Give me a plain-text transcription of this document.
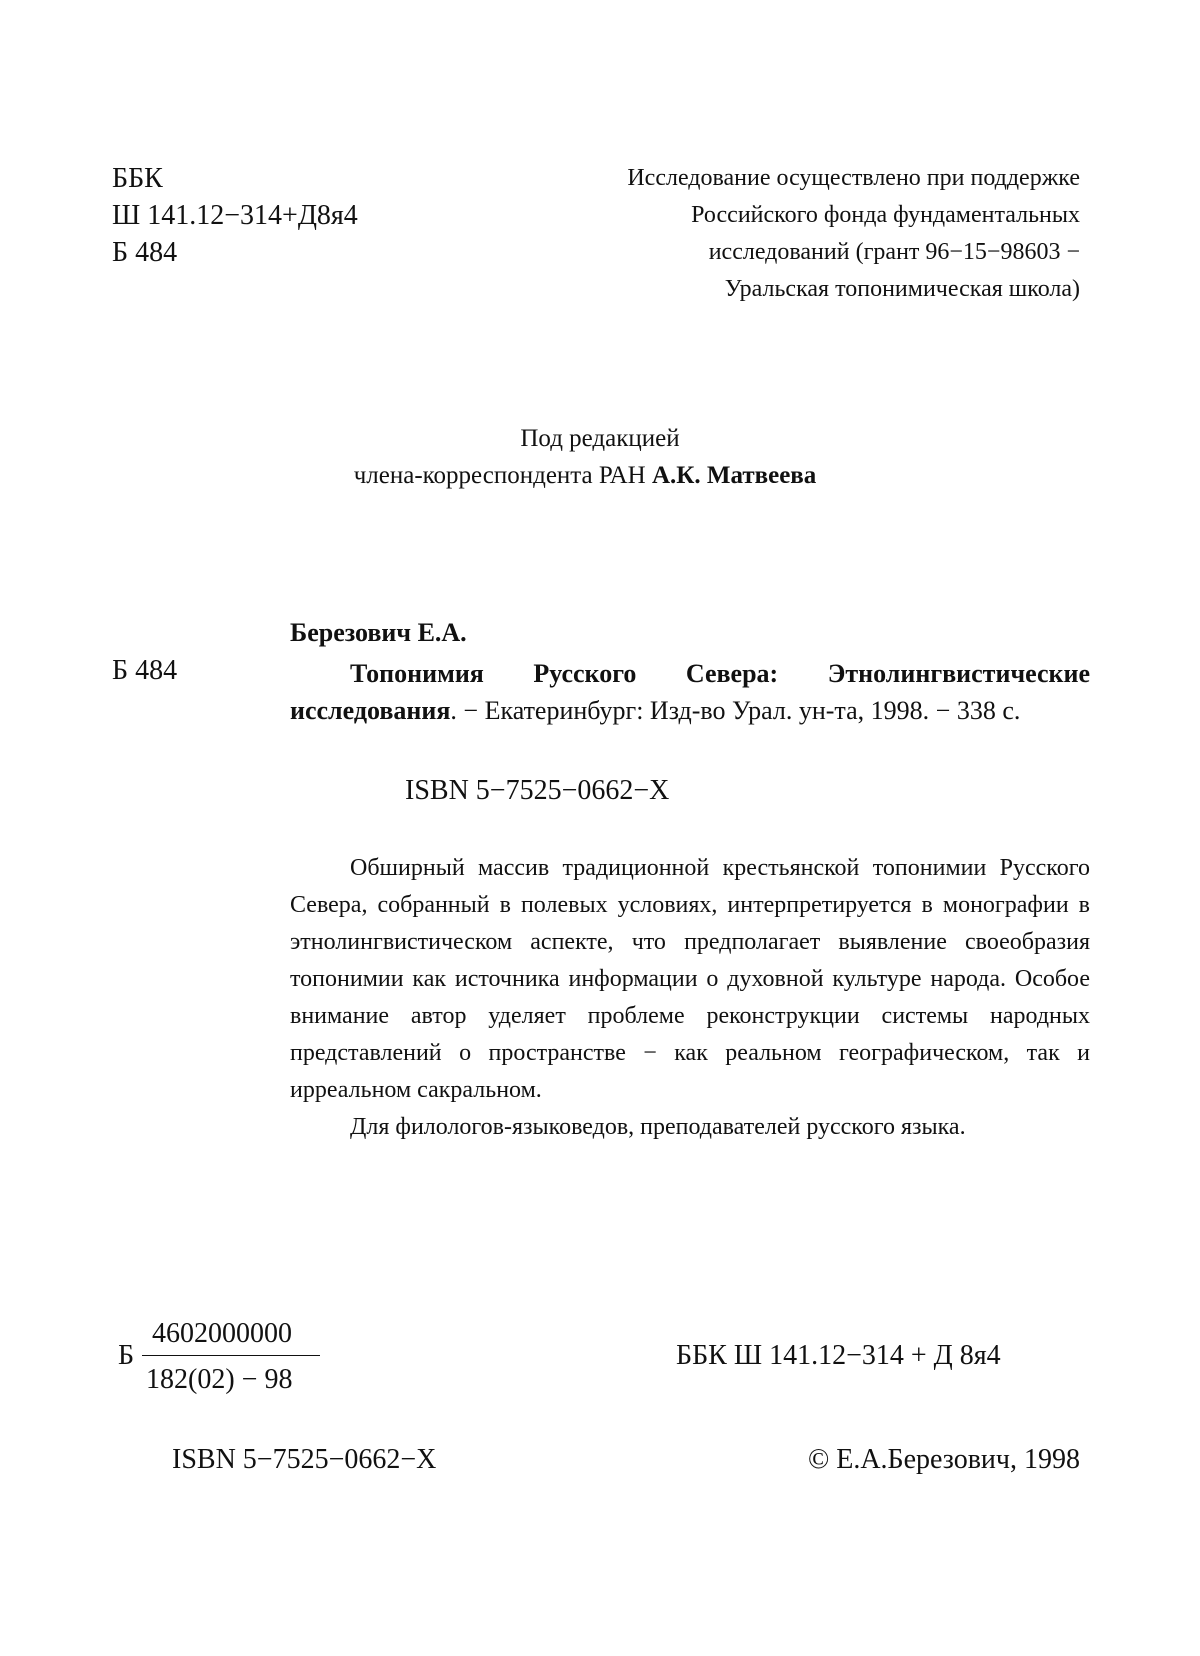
ББК
Ш 141.12−314+Д8я4
Б 484
Исследование осуществлено при поддержке
Российского фонда фундаментальных
исследований (грант 96−15−98603 −
Уральская топонимическая школа)
Под редакцией
члена-корреспондента РАН А.К. Матвеева
Березович Е.А.
Б 484	Топонимия Русского Севера: Этнолингвистические исследования. − Екатеринбург: Изд-во Урал. ун-та, 1998. − 338 с.
ISBN 5−7525−0662−X

Обширный массив традиционной крестьянской топонимии Русского Севера, собранный в полевых условиях, интерпретируется в монографии в этнолингвистическом аспекте, что предполагает выявление своеобразия топонимии как источника информации о духовной культуре народа. Особое внимание автор уделяет проблеме реконструкции системы народных представлений о пространстве − как реальном географическом, так и ирреальном сакральном.

Для филологов-языковедов, преподавателей русского языка.

Б
4602000000
182(02) − 98
ББК Ш 141.12−314 + Д 8я4
ISBN 5−7525−0662−X	© Е.А.Березович, 1998
